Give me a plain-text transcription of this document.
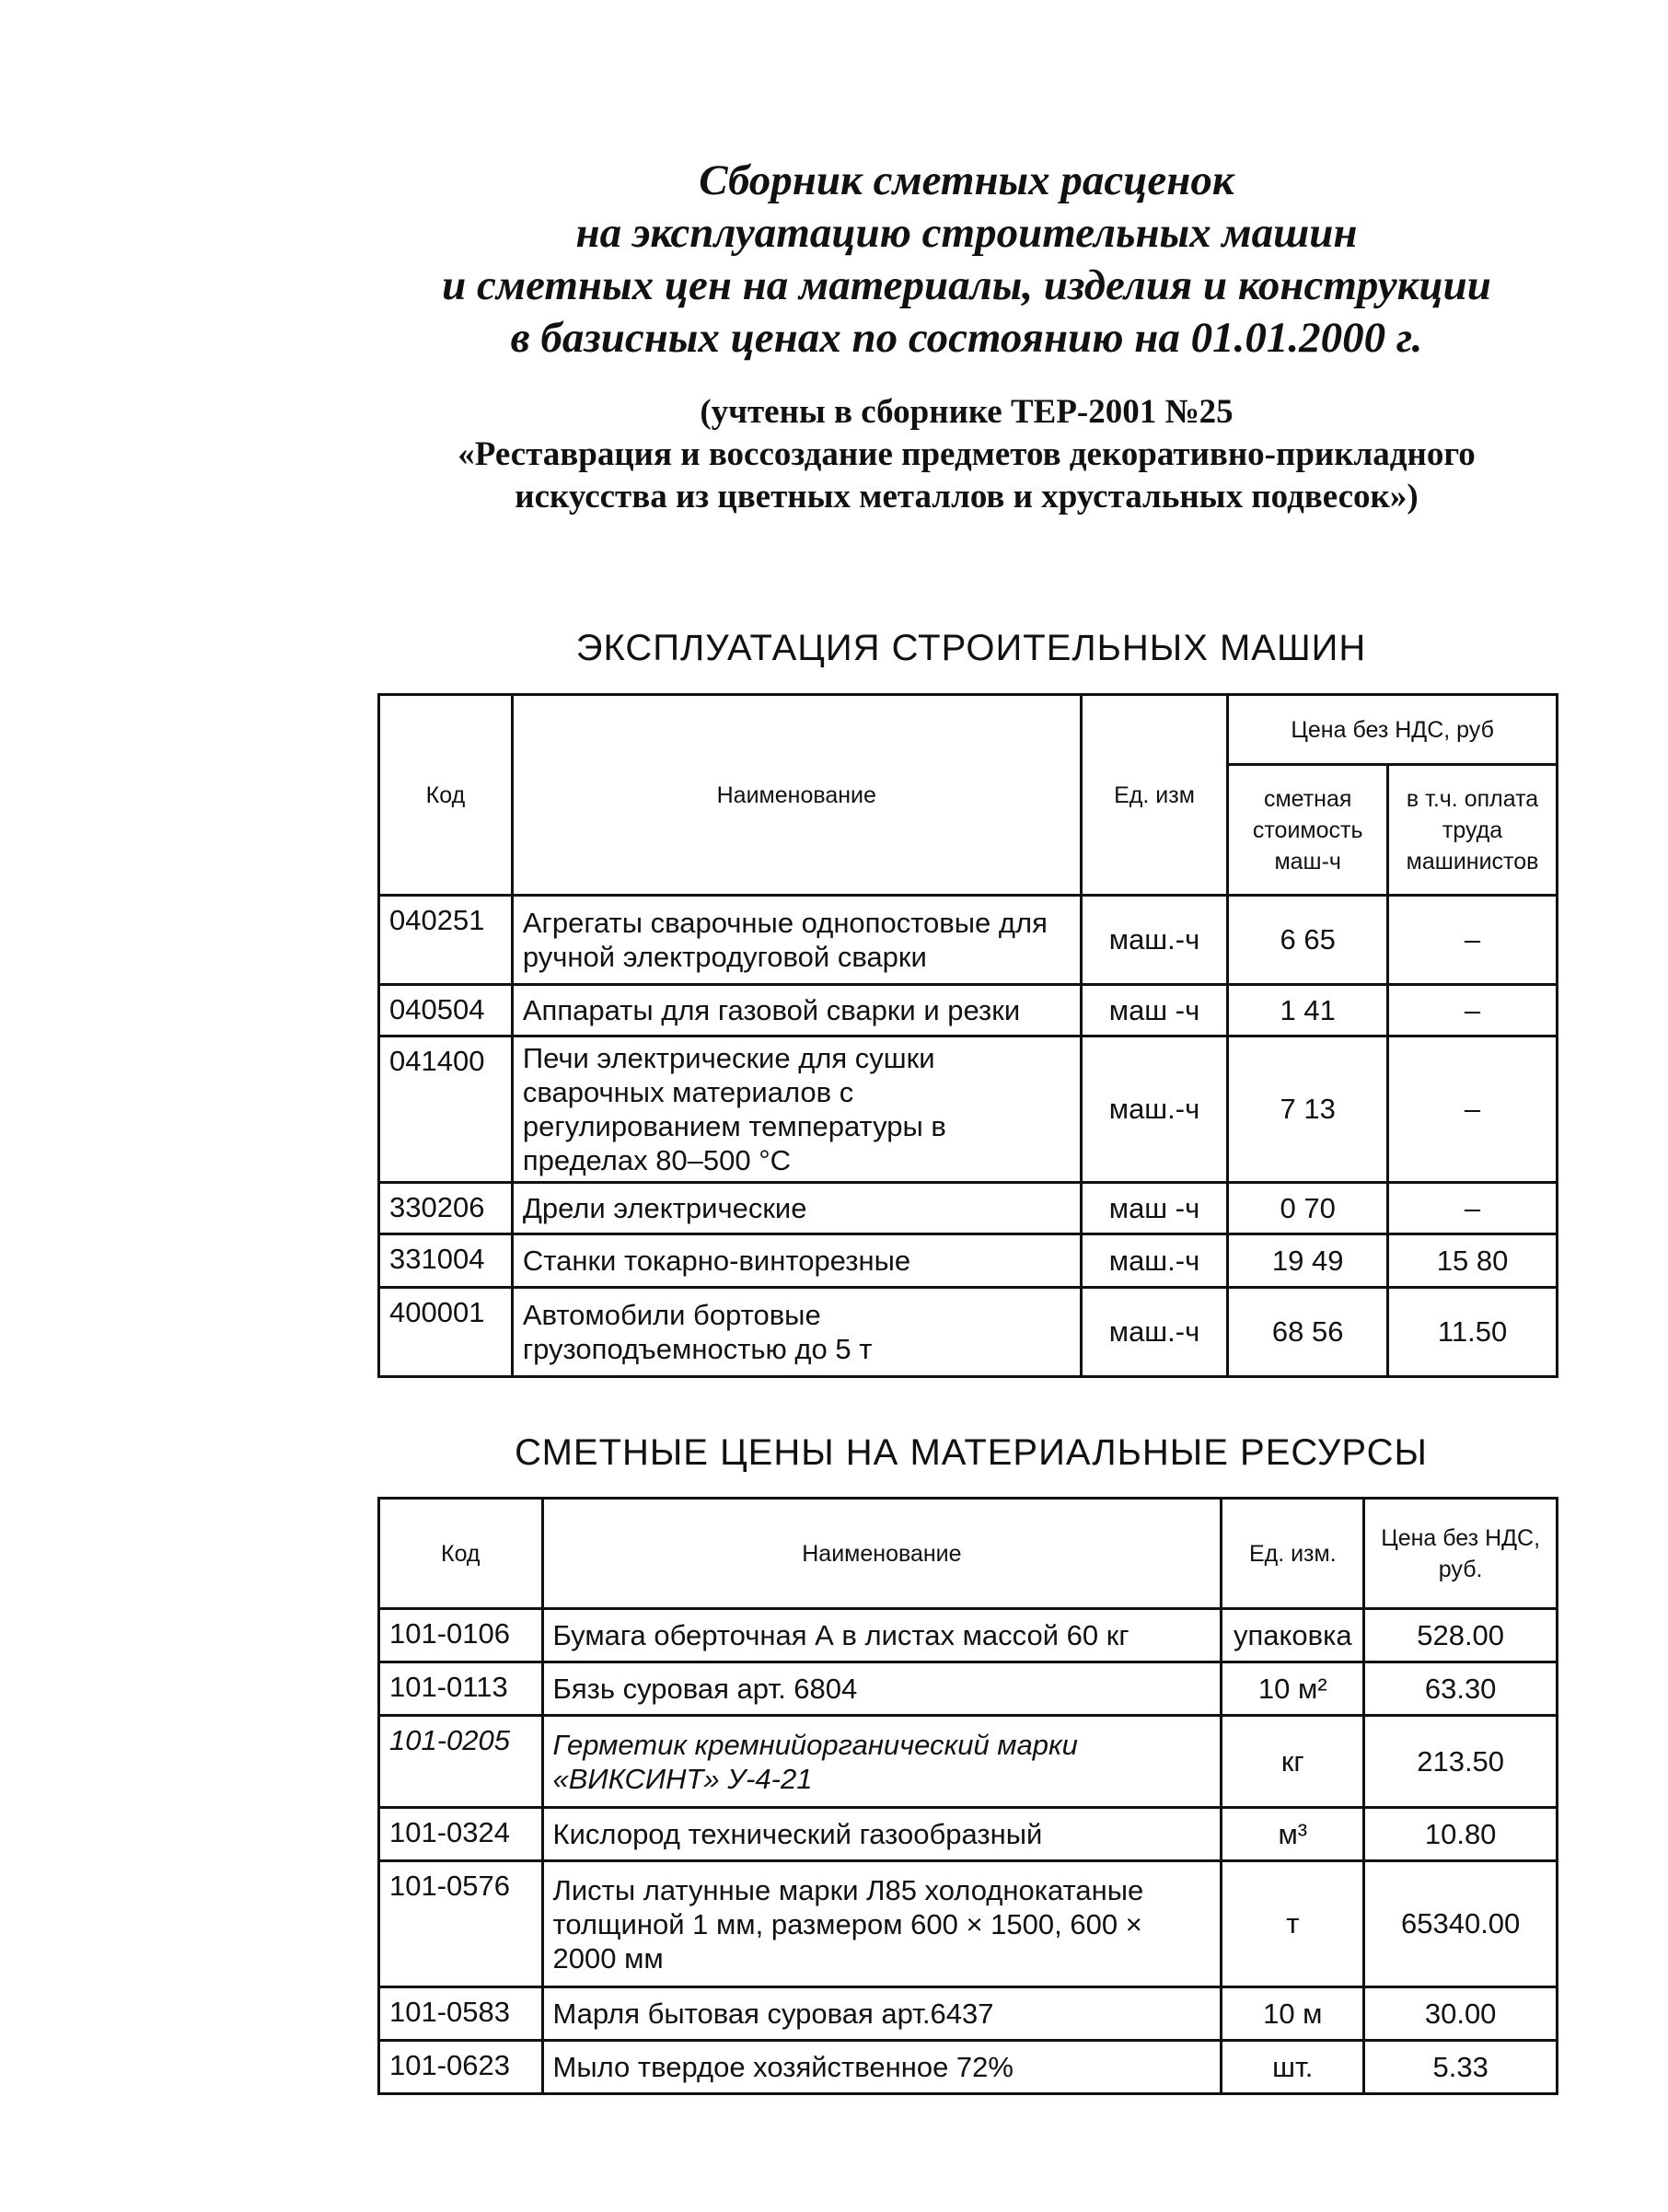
Сборник сметных расценок
на эксплуатацию строительных машин
и сметных цен на материалы, изделия и конструкции
в базисных ценах по состоянию на 01.01.2000 г.
(учтены в сборнике ТЕР-2001 №25
«Реставрация и воссоздание предметов декоративно-прикладного
искусства из цветных металлов и хрустальных подвесок»)
ЭКСПЛУАТАЦИЯ СТРОИТЕЛЬНЫХ МАШИН
Код	Наименование	Ед. изм	Цена без НДС, руб	
			сметная стоимость маш-ч	в т.ч. оплата труда машинистов
040251	Агрегаты сварочные однопостовые для ручной электродуговой сварки	маш.-ч	6 65	–
040504	Аппараты для газовой сварки и резки	маш -ч	1 41	–
041400	Печи электрические для сушки сварочных материалов с регулированием температуры в пределах 80–500 °С	маш.-ч	7 13	–
330206	Дрели электрические	маш -ч	0 70	–
331004	Станки токарно-винторезные	маш.-ч	19 49	15 80
400001	Автомобили бортовые грузоподъемностью до 5 т	маш.-ч	68 56	11.50
СМЕТНЫЕ ЦЕНЫ НА МАТЕРИАЛЬНЫЕ РЕСУРСЫ
Код	Наименование	Ед. изм.	Цена без НДС, руб.
101-0106	Бумага оберточная А в листах массой 60 кг	упаковка	528.00
101-0113	Бязь суровая арт. 6804	10 м²	63.30
101-0205	Герметик кремнийорганический марки «ВИКСИНТ» У-4-21	кг	213.50
101-0324	Кислород технический газообразный	м³	10.80
101-0576	Листы латунные марки Л85 холоднокатаные толщиной 1 мм, размером 600 × 1500, 600 × 2000 мм	т	65340.00
101-0583	Марля бытовая суровая арт.6437	10 м	30.00
101-0623	Мыло твердое хозяйственное 72%	шт.	5.33
